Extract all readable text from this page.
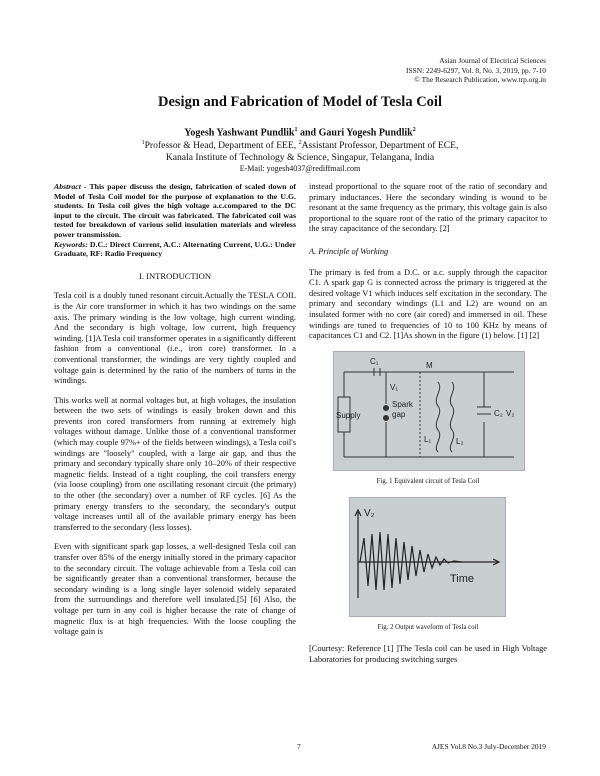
Asian Journal of Electrical Sciences
ISSN: 2249-6297, Vol. 8, No. 3, 2019, pp. 7-10
© The Research Publication, www.trp.org.in
Design and Fabrication of Model of Tesla Coil
Yogesh Yashwant Pundlik$^1$ and Gauri Yogesh Pundlik$^2$
$^1$Professor & Head, Department of EEE, $^2$Assistant Professor, Department of ECE,
Kanala Institute of Technology & Science, Singapur, Telangana, India
E-Mail: yogesh4037@rediffmail.com

Abstract - This paper discuss the design, fabrication of scaled down of Model of Tesla Coil model for the purpose of explanation to the U.G. students. In Tesla coil gives the high voltage a.c.compared to the DC input to the circuit. The circuit was fabricated. The fabricated coil was tested for breakdown of various solid insulation materials and wireless power transmission.
Keywords: D.C.: Direct Current, A.C.: Alternating Current, U.G.: Under Graduate, RF: Radio Frequency

I. INTRODUCTION

Tesla coil is a doubly tuned resonant circuit.Actually the TESLA COIL is the Air core transformer in which it has two windings on the same axis. The primary winding is the low voltage, high current winding. And the secondary is high voltage, low current, high frequency winding. [1]A Tesla coil transformer operates in a significantly different fashion from a conventional (i.e., iron core) transformer. In a conventional transformer, the windings are very tightly coupled and voltage gain is determined by the ratio of the numbers of turns in the windings.

This works well at normal voltages but, at high voltages, the insulation between the two sets of windings is easily broken down and this prevents iron cored transformers from running at extremely high voltages without damage. Unlike those of a conventional transformer (which may couple 97%+ of the fields between windings), a Tesla coil's windings are "loosely" coupled, with a large air gap, and thus the primary and secondary typically share only 10–20% of their respective magnetic fields. Instead of a tight coupling, the coil transfers energy (via loose coupling) from one oscillating resonant circuit (the primary) to the other (the secondary) over a number of RF cycles. [6] As the primary energy transfers to the secondary, the secondary's output voltage increases until all of the available primary energy has been transferred to the secondary (less losses).

Even with significant spark gap losses, a well-designed Tesla coil can transfer over 85% of the energy initially stored in the primary capacitor to the secondary circuit. The voltage achievable from a Tesla coil can be significantly greater than a conventional transformer, because the secondary winding is a long single layer solenoid widely separated from the surroundings and therefore well insulated.[5] [6] Also, the voltage per turn in any coil is higher because the rate of change of magnetic flux is at high frequencies. With the loose coupling the voltage gain is

instead proportional to the square root of the ratio of secondary and primary inductances. Here the secondary winding is wound to be resonant at the same frequency as the primary, this voltage gain is also proportional to the square root of the ratio of the primary capacitor to the stray capacitance of the secondary. [2]

A. Principle of Working

The primary is fed from a D.C. or a.c. supply through the capacitor C1. A spark gap G is connected across the primary is triggered at the desired voltage V1 which induces self excitation in the secondary. The primary and secondary windings (L1 and L2) are wound on an insulated former with no core (air cored) and immersed in oil. These windings are tuned to frequencies of 10 to 100 KHz by means of capacitances C1 and C2. [1]As shown in the figure (1) below. [1] [2]

C₁
V₁
M
Supply
Spark
gap
L₁	L₂
C₂ V₂
Fig. 1 Equivalent circuit of Tesla Coil
V₂
Time
Fig. 2 Output waveform of Tesla coil

[Courtesy: Reference [1] ]The Tesla coil can be used in High Voltage Laboratories for producing switching surges

7	AJES Vol.8 No.3 July-December 2019
